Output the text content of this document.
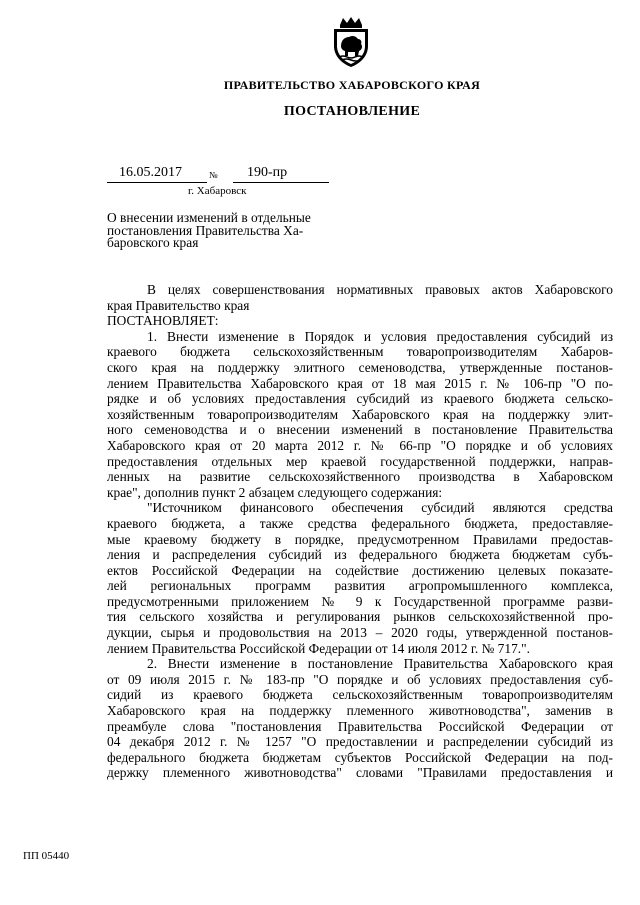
ПРАВИТЕЛЬСТВО ХАБАРОВСКОГО КРАЯ
ПОСТАНОВЛЕНИЕ
16.05.2017	№	190-пр
г. Хабаровск
О внесении изменений в отдельные
постановления Правительства Ха-
баровского края

В целях совершенствования нормативных правовых актов Хабаровского
края Правительство края
ПОСТАНОВЛЯЕТ:

1. Внести изменение в Порядок и условия предоставления субсидий из
краевого бюджета сельскохозяйственным товаропроизводителям Хабаров-
ского края на поддержку элитного семеноводства, утвержденные постанов-
лением Правительства Хабаровского края от 18 мая 2015 г. № 106-пр "О по-
рядке и об условиях предоставления субсидий из краевого бюджета сельско-
хозяйственным товаропроизводителям Хабаровского края на поддержку элит-
ного семеноводства и о внесении изменений в постановление Правительства
Хабаровского края от 20 марта 2012 г. № 66-пр "О порядке и об условиях
предоставления отдельных мер краевой государственной поддержки, направ-
ленных на развитие сельскохозяйственного производства в Хабаровском
крае", дополнив пункт 2 абзацем следующего содержания:

"Источником финансового обеспечения субсидий являются средства
краевого бюджета, а также средства федерального бюджета, предоставляе-
мые краевому бюджету в порядке, предусмотренном Правилами предостав-
ления и распределения субсидий из федерального бюджета бюджетам субъ-
ектов Российской Федерации на содействие достижению целевых показате-
лей региональных программ развития агропромышленного комплекса,
предусмотренными приложением № 9 к Государственной программе разви-
тия сельского хозяйства и регулирования рынков сельскохозяйственной про-
дукции, сырья и продовольствия на 2013 – 2020 годы, утвержденной постанов-
лением Правительства Российской Федерации от 14 июля 2012 г. № 717.".

2. Внести изменение в постановление Правительства Хабаровского края
от 09 июля 2015 г. № 183-пр "О порядке и об условиях предоставления суб-
сидий из краевого бюджета сельскохозяйственным товаропроизводителям
Хабаровского края на поддержку племенного животноводства", заменив в
преамбуле слова "постановления Правительства Российской Федерации от
04 декабря 2012 г. № 1257 "О предоставлении и распределении субсидий из
федерального бюджета бюджетам субъектов Российской Федерации на под-
держку племенного животноводства" словами "Правилами предоставления и

ПП 05440
